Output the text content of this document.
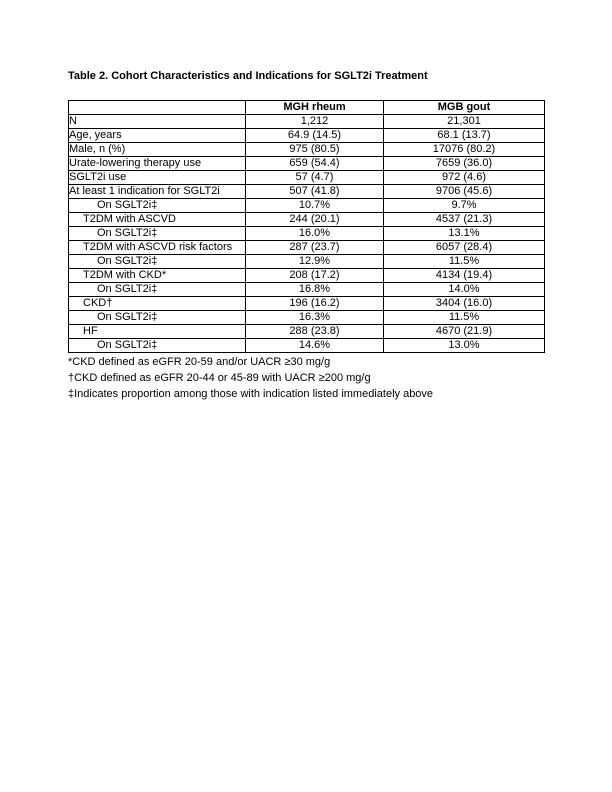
Table 2. Cohort Characteristics and Indications for SGLT2i Treatment
	MGH rheum	MGB gout
N	1,212	21,301
Age, years	64.9 (14.5)	68.1 (13.7)
Male, n (%)	975 (80.5)	17076 (80.2)
Urate-lowering therapy use	659 (54.4)	7659 (36.0)
SGLT2i use	57 (4.7)	972 (4.6)
At least 1 indication for SGLT2i	507 (41.8)	9706 (45.6)
On SGLT2i‡	10.7%	9.7%
T2DM with ASCVD	244 (20.1)	4537 (21.3)
On SGLT2i‡	16.0%	13.1%
T2DM with ASCVD risk factors	287 (23.7)	6057 (28.4)
On SGLT2i‡	12.9%	11.5%
T2DM with CKD*	208 (17.2)	4134 (19.4)
On SGLT2i‡	16.8%	14.0%
CKD†	196 (16.2)	3404 (16.0)
On SGLT2i‡	16.3%	11.5%
HF	288 (23.8)	4670 (21.9)
On SGLT2i‡	14.6%	13.0%
*CKD defined as eGFR 20-59 and/or UACR ≥30 mg/g
†CKD defined as eGFR 20-44 or 45-89 with UACR ≥200 mg/g
‡Indicates proportion among those with indication listed immediately above
